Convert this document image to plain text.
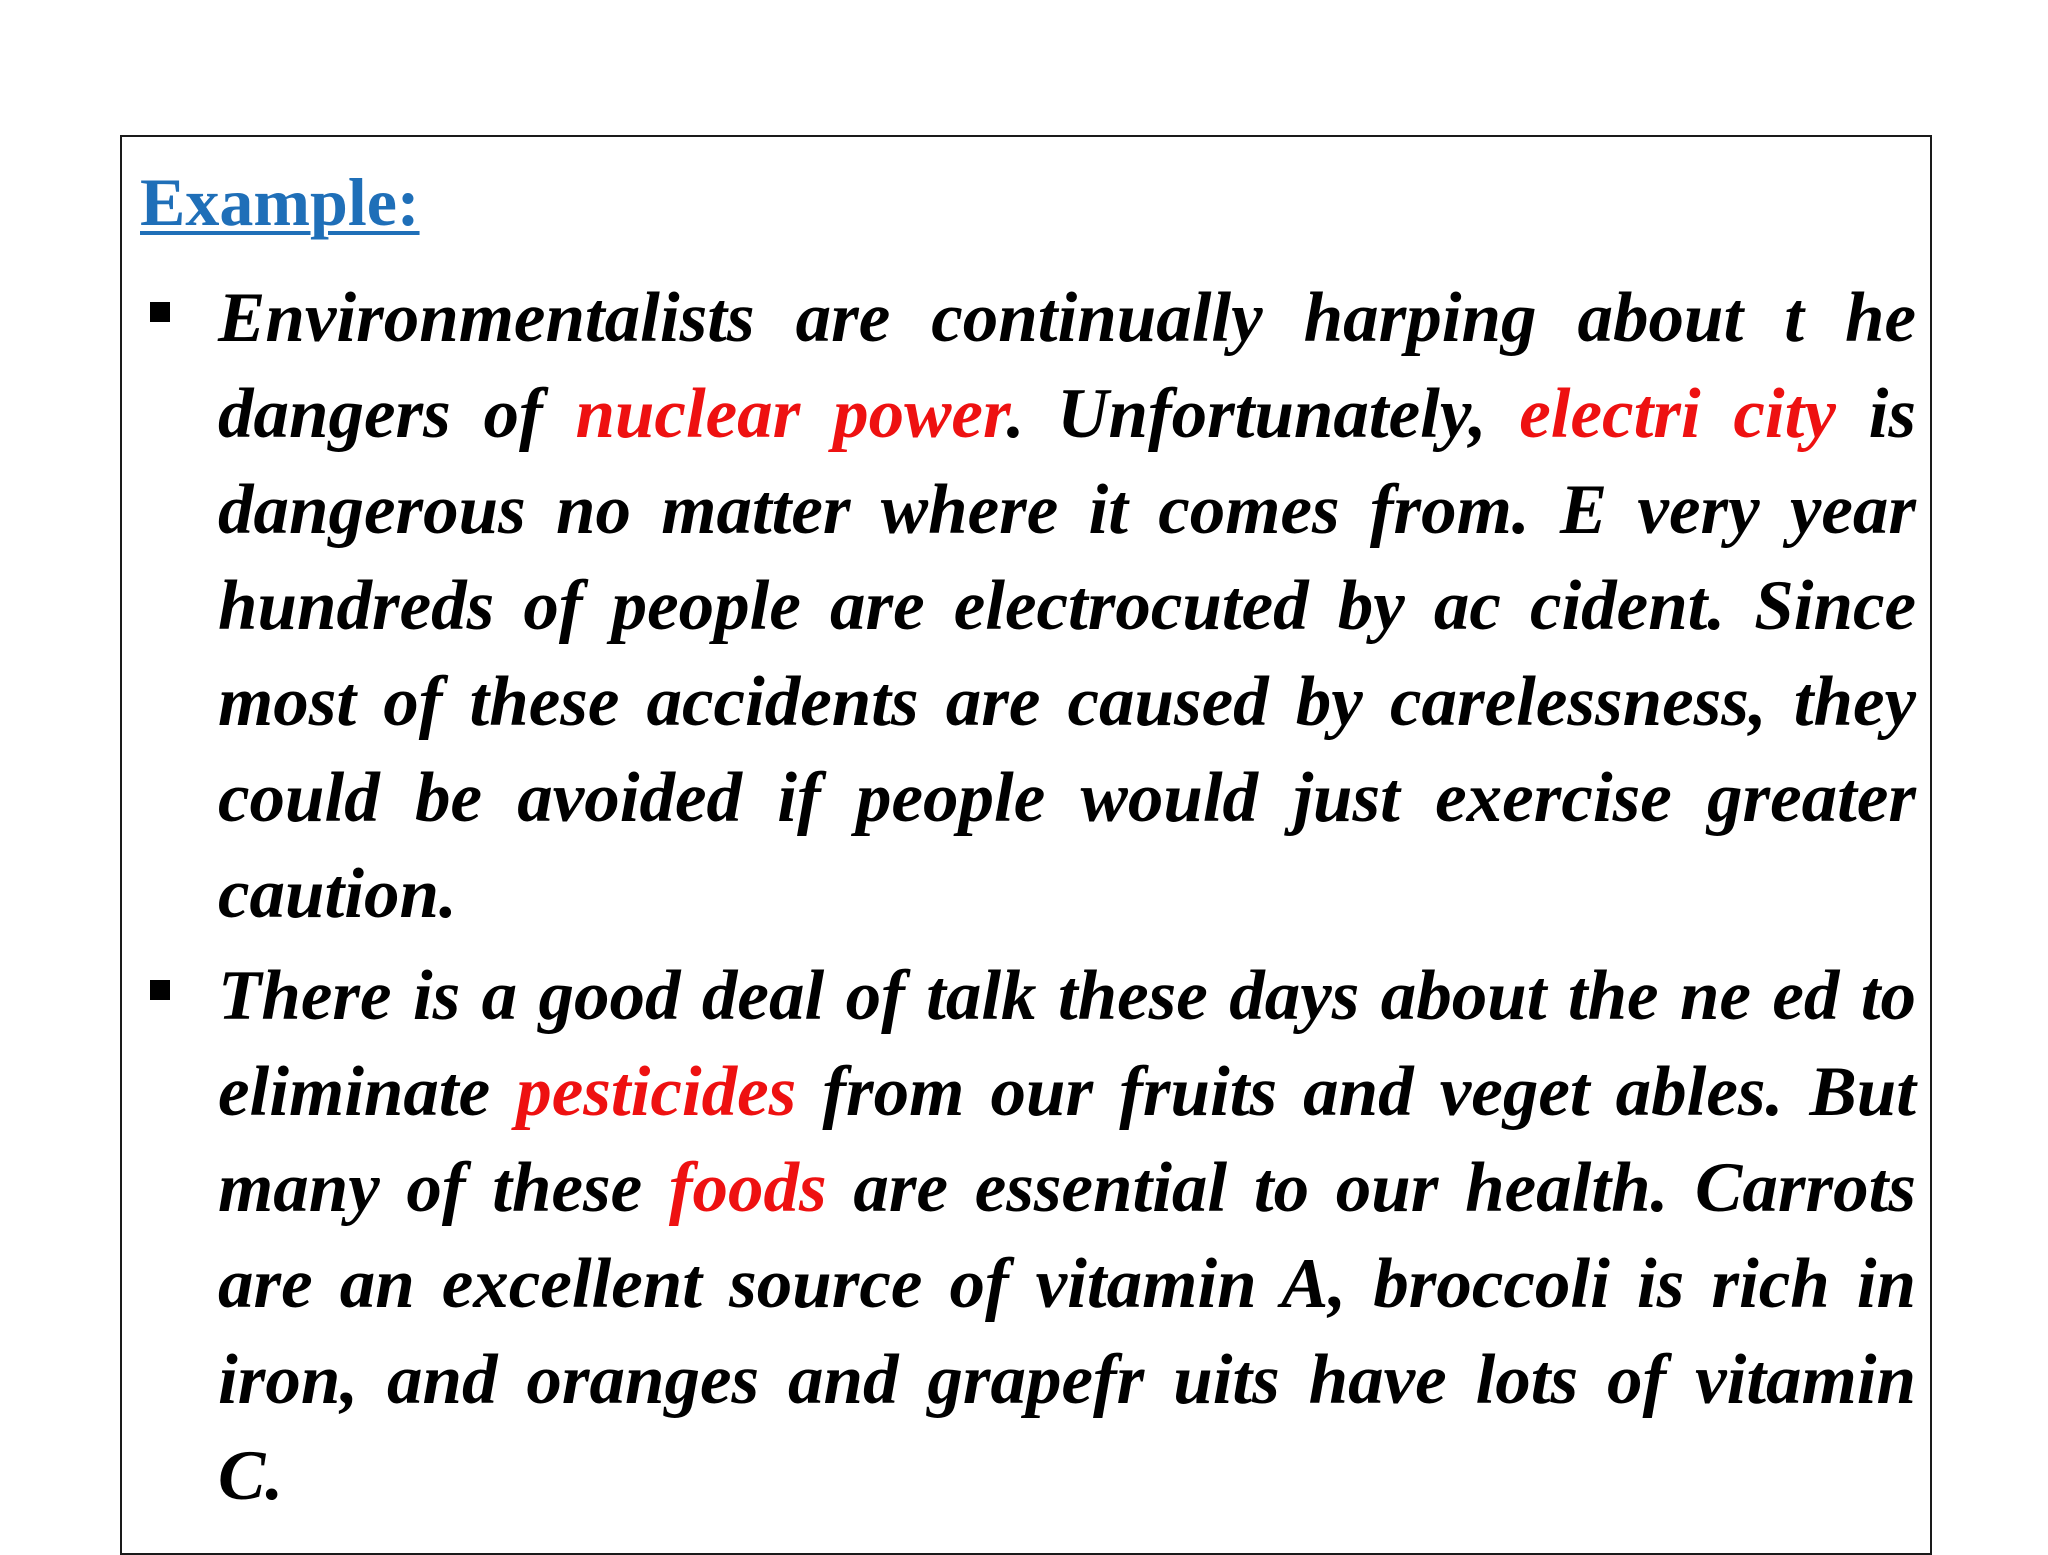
Example:
Environmentalists are continually harping about t he dangers of nuclear power. Unfortunately, electri city is dangerous no matter where it comes from. E very year hundreds of people are electrocuted by ac cident. Since most of these accidents are caused by carelessness, they could be avoided if people would just exercise greater caution.
There is a good deal of talk these days about the ne ed to eliminate pesticides from our fruits and veget ables. But many of these foods are essential to our health. Carrots are an excellent source of vitamin A, broccoli is rich in iron, and oranges and grapefr uits have lots of vitamin C.
